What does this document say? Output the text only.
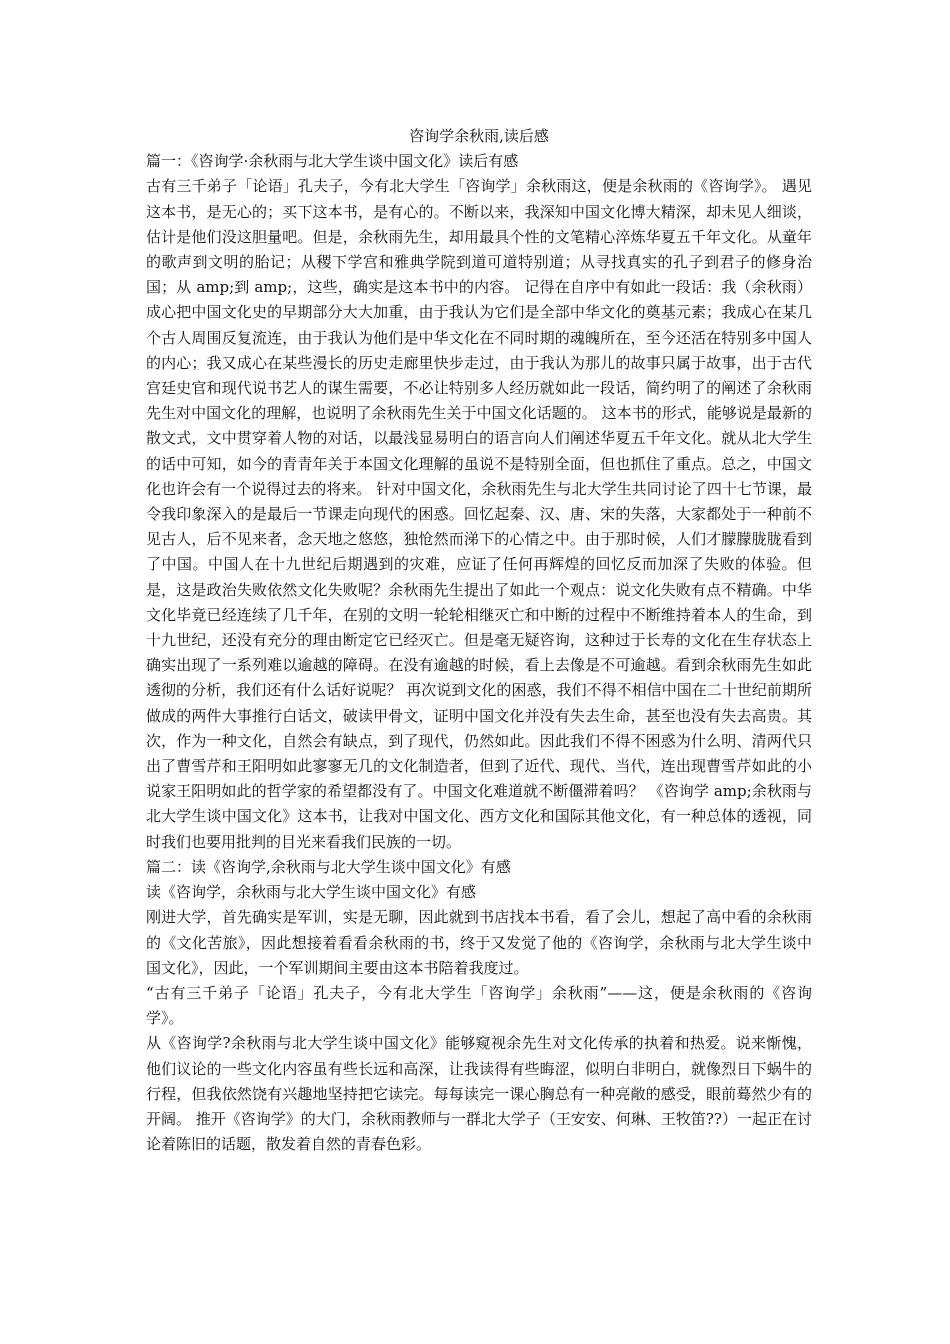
咨询学余秋雨,读后感

篇一：《咨询学·余秋雨与北大学生谈中国文化》读后有感

古有三千弟子「论语」孔夫子，今有北大学生「咨询学」余秋雨这，便是余秋雨的《咨询学》。 遇见这本书，是无心的；买下这本书，是有心的。不断以来，我深知中国文化博大精深，却未见人细谈，估计是他们没这胆量吧。但是，余秋雨先生，却用最具个性的文笔精心淬炼华夏五千年文化。从童年的歌声到文明的胎记；从稷下学宫和雅典学院到道可道特别道；从寻找真实的孔子到君子的修身治国；从 amp;到 amp;，这些，确实是这本书中的内容。 记得在自序中有如此一段话：我（余秋雨）成心把中国文化史的早期部分大大加重，由于我认为它们是全部中华文化的奠基元素；我成心在某几个古人周围反复流连，由于我认为他们是中华文化在不同时期的魂魄所在，至今还活在特别多中国人的内心；我又成心在某些漫长的历史走廊里快步走过，由于我认为那儿的故事只属于故事，出于古代宫廷史官和现代说书艺人的谋生需要，不必让特别多人经历就如此一段话，简约明了的阐述了余秋雨先生对中国文化的理解，也说明了余秋雨先生关于中国文化话题的。 这本书的形式，能够说是最新的散文式，文中贯穿着人物的对话，以最浅显易明白的语言向人们阐述华夏五千年文化。就从北大学生的话中可知，如今的青青年关于本国文化理解的虽说不是特别全面，但也抓住了重点。总之，中国文化也许会有一个说得过去的将来。 针对中国文化，余秋雨先生与北大学生共同讨论了四十七节课，最令我印象深入的是最后一节课走向现代的困惑。回忆起秦、汉、唐、宋的失落，大家都处于一种前不见古人，后不见来者，念天地之悠悠，独怆然而涕下的心情之中。由于那时候，人们才朦朦胧胧看到了中国。中国人在十九世纪后期遇到的灾难，应证了任何再辉煌的回忆反而加深了失败的体验。但是，这是政治失败依然文化失败呢？余秋雨先生提出了如此一个观点：说文化失败有点不精确。中华文化毕竟已经连续了几千年，在别的文明一轮轮相继灭亡和中断的过程中不断维持着本人的生命，到十九世纪，还没有充分的理由断定它已经灭亡。但是毫无疑咨询，这种过于长寿的文化在生存状态上确实出现了一系列难以逾越的障碍。在没有逾越的时候，看上去像是不可逾越。看到余秋雨先生如此透彻的分析，我们还有什么话好说呢？ 再次说到文化的困惑，我们不得不相信中国在二十世纪前期所做成的两件大事推行白话文，破读甲骨文，证明中国文化并没有失去生命，甚至也没有失去高贵。其次，作为一种文化，自然会有缺点，到了现代，仍然如此。因此我们不得不困惑为什么明、清两代只出了曹雪芹和王阳明如此寥寥无几的文化制造者，但到了近代、现代、当代，连出现曹雪芹如此的小说家王阳明如此的哲学家的希望都没有了。中国文化难道就不断僵滞着吗？ 《咨询学 amp;余秋雨与北大学生谈中国文化》这本书，让我对中国文化、西方文化和国际其他文化，有一种总体的透视，同时我们也要用批判的目光来看我们民族的一切。

篇二：读《咨询学,余秋雨与北大学生谈中国文化》有感

读《咨询学，余秋雨与北大学生谈中国文化》有感

刚进大学，首先确实是军训，实是无聊，因此就到书店找本书看，看了会儿，想起了高中看的余秋雨的《文化苦旅》，因此想接着看看余秋雨的书，终于又发觉了他的《咨询学，余秋雨与北大学生谈中国文化》，因此，一个军训期间主要由这本书陪着我度过。

“古有三千弟子「论语」孔夫子，今有北大学生「咨询学」余秋雨”——这，便是余秋雨的《咨询学》。

从《咨询学?余秋雨与北大学生谈中国文化》能够窥视余先生对文化传承的执着和热爱。说来惭愧，他们议论的一些文化内容虽有些长远和高深，让我读得有些晦涩，似明白非明白，就像烈日下蜗牛的行程，但我依然饶有兴趣地坚持把它读完。每每读完一课心胸总有一种亮敞的感受，眼前蓦然少有的开阔。 推开《咨询学》的大门，余秋雨教师与一群北大学子（王安安、何琳、王牧笛??）一起正在讨论着陈旧的话题，散发着自然的青春色彩。
